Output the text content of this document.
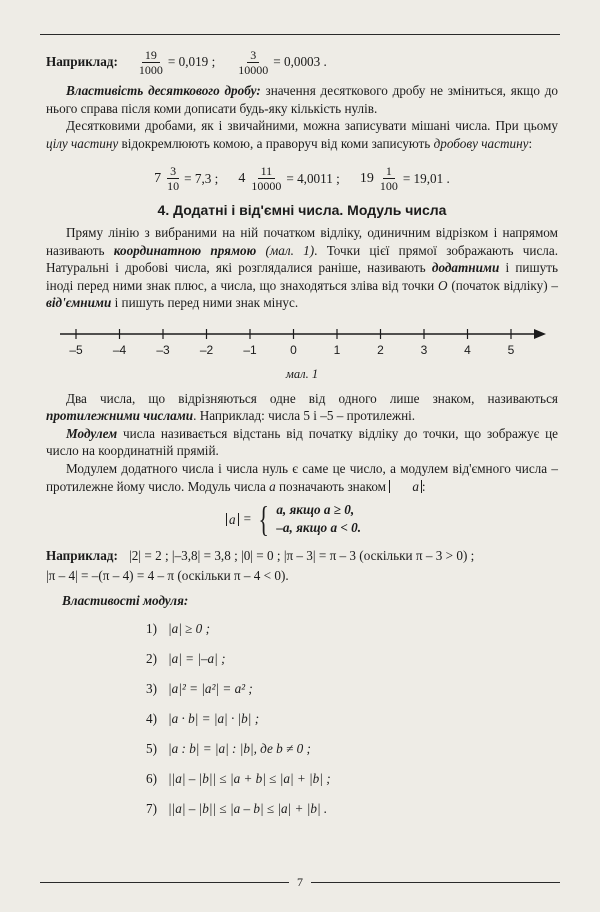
Наприклад: $\frac{19}{1000} = 0,019$ ; $\frac{3}{10000} = 0,0003$ .

Властивість десяткового дробу: значення десяткового дробу не зміниться, якщо до нього справа після коми дописати будь-яку кількість нулів.

Десятковими дробами, як і звичайними, можна записувати мішані числа. При цьому цілу частину відокремлюють комою, а праворуч від коми записують дробову частину:

$7 \frac{3}{10} = 7,3$ ; $4 \frac{11}{10000} = 4,0011$ ; $19 \frac{1}{100} = 19,01$ .
4. Додатні і від'ємні числа. Модуль числа

Пряму лінію з вибраними на ній початком відліку, одиничним відрізком і напрямом називають координатною прямою (мал. 1). Точки цієї прямої зображають числа. Натуральні і дробові числа, які розглядалися раніше, називають додатними і пишуть іноді перед ними знак плюс, а числа, що знаходяться зліва від точки O (початок відліку) – від'ємними і пишуть перед ними знак мінус.

–5	–4	–3	–2	–1	0	1	2	3	4	5
мал. 1

Два числа, що відрізняються одне від одного лише знаком, називаються протилежними числами. Наприклад: числа 5 і –5 – протилежні.

Модулем числа називається відстань від початку відліку до точки, що зображує це число на координатній прямій.

Модулем додатного числа і числа нуль є саме це число, а модулем від'ємного числа – протилежне йому число. Модуль числа a позначають знаком a :

a = { a, якщо a ≥ 0,
–a, якщо a < 0.

Наприклад: |2| = 2 ; |–3,8| = 3,8 ; |0| = 0 ; |π – 3| = π – 3 (оскільки π – 3 > 0) ;

|π – 4| = –(π – 4) = 4 – π (оскільки π – 4 < 0).

Властивості модуля:
1) |a| ≥ 0 ;
2) |a| = |–a| ;
3) |a|² = |a²| = a² ;
4) |a · b| = |a| · |b| ;
5) |a : b| = |a| : |b|, де b ≠ 0 ;
6) ||a| – |b|| ≤ |a + b| ≤ |a| + |b| ;
7) ||a| – |b|| ≤ |a – b| ≤ |a| + |b| .
7
